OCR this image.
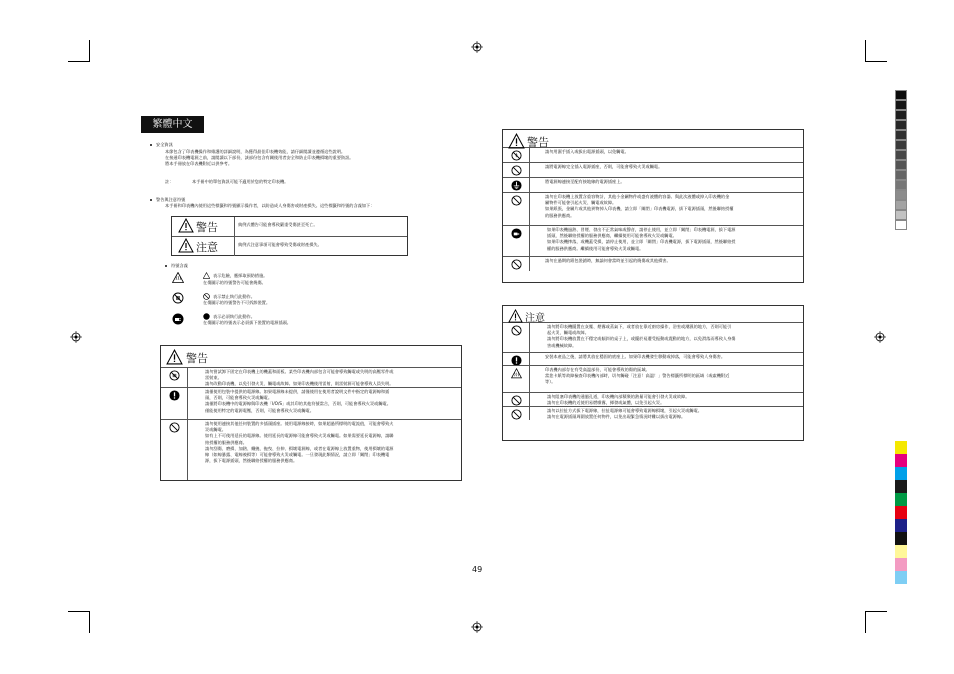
繁體中文
安全資訊
本節包含了印表機操作和維護的詳細說明，為獲得最佳印表機效能，請仔細閱讀並遵循這些說明。
在接通印表機電源之前，請閱讀以下部份，該部份包含有關使用者安全和防止印表機損壞的重要資訊。
將本手冊放在印表機附近以供參考。
註：	本手冊中的單包資訊可能不適用於您的特定印表機。
警告與注意符號
本手冊和印表機內使用這些標籤和符號顯示操作者，以防造成人身傷害或財產損失。這些標籤和符號的含義如下：
警告	典例式體告可能會導致嚴重受傷甚至死亡。
注意	典例式注意事項可能會導致受傷或財產損失。
符號含義
表示危險，應採取預防措施。
在傷圖示的符號警告可能會燒傷。
表示禁止執行此動作。
在傷圖示的符號警告不可拆卸裝置。
表示必須執行此動作。
在傷圖示的符號表示必須拔下裝置的電源插頭。
請勿嘗試卸下固定在印表機上的機蓋和面板。某些印表機內部包含可能會導致觸電或失明的高壓零件或
雷射束。
請勿改動印表機，以免引發火災、觸電或故障。如果印表機使用雷射，則雷射源可能會導致人員失明。
請僅使用包裝中提供的電源線。如果電源線未提供，請僅使用在使用者說明文件中指定的電源線和插
頭，否則，可能會導致火災或觸電。
請僅將印表機中的電源線與印表機「I/O/S」或其印的其他符號當合，否則，可能會導致火災或觸電。
僅能使用特定的電源電壓，否則，可能會導致火災或觸電。
請勿使用連接其他任何裝置的多插頭插座。使用電源線接時，如果超過所標明的電流值，可能會導致火
災或觸電。
如有上不可使用延長的電源線。使用延長的電源線可能會導致火災或觸電。如果需要延長電源線，請聯
絡授權的服務供應商。
請勿刮傷、磨損、加熱、纏繞、拖曳、拉伸、損壞電源線，或者在電源線上放置重物，使用損壞的電源
線（如線暴露、電線被損等）可能會導致火災或觸電。一旦發現此類情況，請立即「關閉」印表機電
源，拔下電源插頭，然後聯絡授權的服務供應商。
警告
請勿用濕手插入或拔出電源插頭，以免觸電。
請將電源線完全插入電源插座，否則，可能會導致火災或觸電。
將電源線連接至配有接地線的電源插座上。
請勿在印表機上放置含重容物計，其他小金屬物件或盛有液體的容器。與此次液體或掉入印表機的金
屬物件可能會引起火災、觸電或故障。
如果紙張，金屬片或其他異物掉入印表機，請立即「關閉」印表機電源，拔下電源插頭，然後聯絡授權
的服務供應商。
如果印表機過熱、冒煙、發出不正常氣味或聲音，請停止使用，並立即「關閉」印表機電源，拔下電源
插頭，然後聯絡授權的服務供應商，繼續使用可能會導致火災或觸電。
如果印表機摔落，或機蓋受損，請停止使用，並立即「關閉」印表機電源，拔下電源插頭，然後聯絡授
權的服務供應商。繼續使用可能會導致火災或觸電。
請勿在過期的紙包裝錯時，無論何會當時並引起的燒傷或其他損害。
警告
請勿將印表機擺置在灰塵、煙霧或蒸氣下，或者放在靠近廚房操作，浴室或潮濕的地方，否則可能引
起火災、觸電或故障。
請勿將印表機放置在不穩定或傾斜的桌子上，或擺於易遭受振動或震動的地方，以免滑落而導致人身傷
害或機械故障。
安裝本產品之後，請將其放在穩固的底座上。如果印表機發生移動或掉落，可能會導致人身傷害。
印表機內部存在有受高溫部份，可能會導致的傷的區域。
當您卡紙等故障檢查印表機內部時，切勿觸碰「注意！高溫！」警告標籤所標明的區域（或索機附近
等）。
請勿阻塞印表機的通風孔道，印表機內部積聚的熱量可能會引發火災或故障。
請勿在印表機的近使用易燃噴霧，揮發或氣體，以免引起火災。
請勿以拉扯方式拔下電源線，拉扯電源線可能會導致電源線損壞，引起火災或觸電。
請勿在電源插頭周圍放置任何物件，以免出現緊急情況時難以拔出電源線。
注意
49
